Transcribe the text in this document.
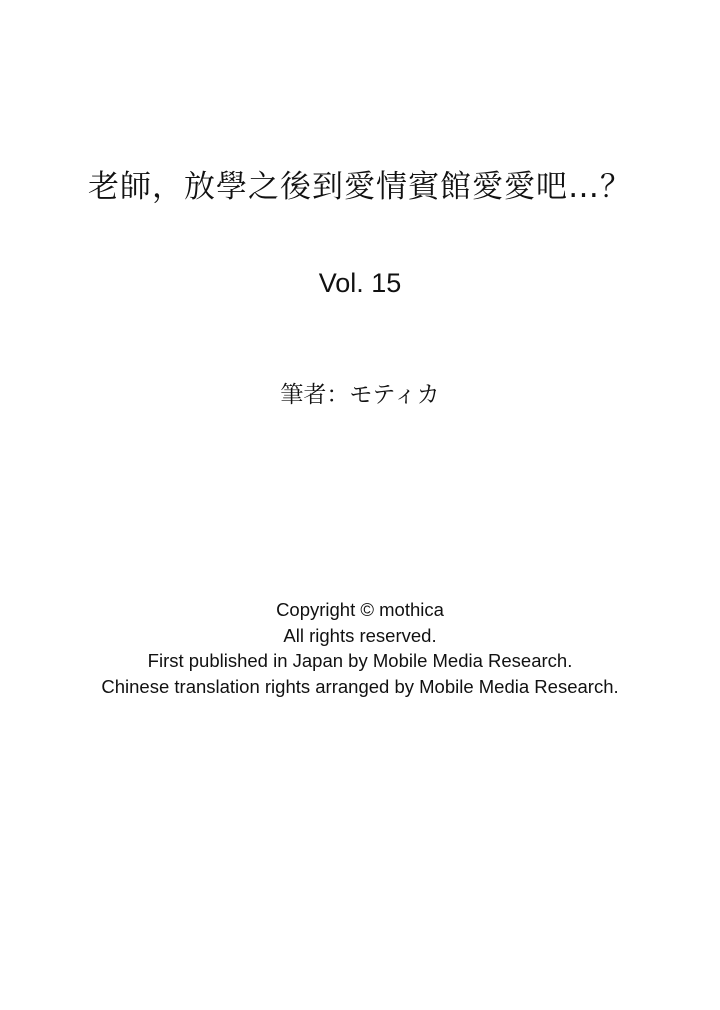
老師，放學之後到愛情賓館愛愛吧…？
Vol. 15
筆者：モティカ
Copyright © mothica
All rights reserved.
First published in Japan by Mobile Media Research.
Chinese translation rights arranged by Mobile Media Research.
